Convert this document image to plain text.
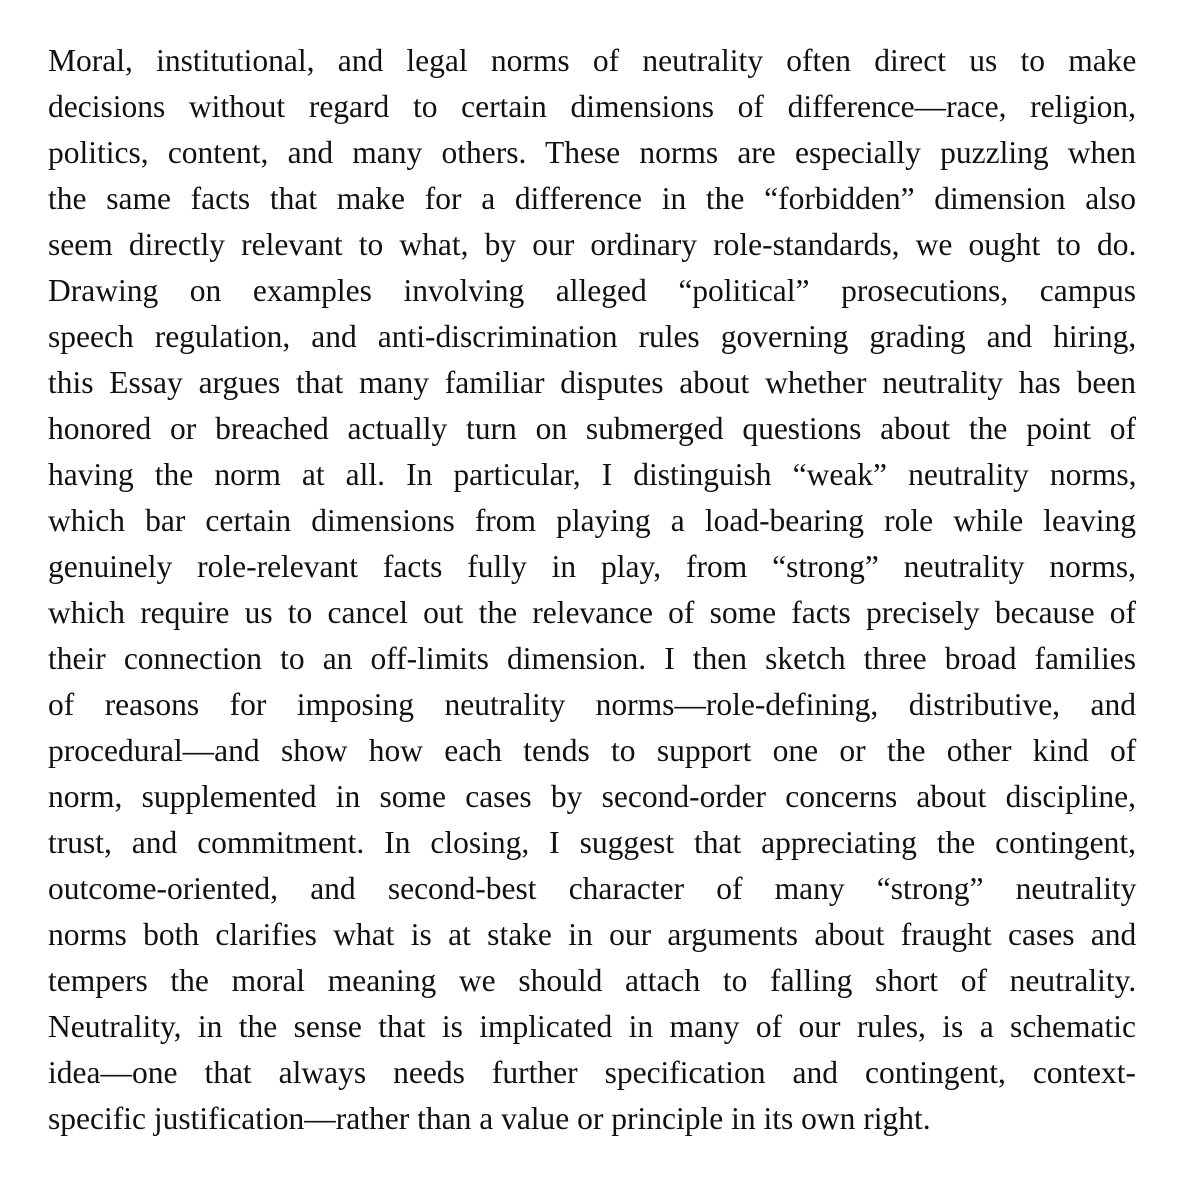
Moral, institutional, and legal norms of neutrality often direct us to make
decisions without regard to certain dimensions of difference—race, religion,
politics, content, and many others. These norms are especially puzzling when
the same facts that make for a difference in the “forbidden” dimension also
seem directly relevant to what, by our ordinary role-standards, we ought to do.
Drawing on examples involving alleged “political” prosecutions, campus
speech regulation, and anti-discrimination rules governing grading and hiring,
this Essay argues that many familiar disputes about whether neutrality has been
honored or breached actually turn on submerged questions about the point of
having the norm at all. In particular, I distinguish “weak” neutrality norms,
which bar certain dimensions from playing a load-bearing role while leaving
genuinely role-relevant facts fully in play, from “strong” neutrality norms,
which require us to cancel out the relevance of some facts precisely because of
their connection to an off-limits dimension. I then sketch three broad families
of reasons for imposing neutrality norms—role-defining, distributive, and
procedural—and show how each tends to support one or the other kind of
norm, supplemented in some cases by second-order concerns about discipline,
trust, and commitment. In closing, I suggest that appreciating the contingent,
outcome-oriented, and second-best character of many “strong” neutrality
norms both clarifies what is at stake in our arguments about fraught cases and
tempers the moral meaning we should attach to falling short of neutrality.
Neutrality, in the sense that is implicated in many of our rules, is a schematic
idea—one that always needs further specification and contingent, context-
specific justification—rather than a value or principle in its own right.
